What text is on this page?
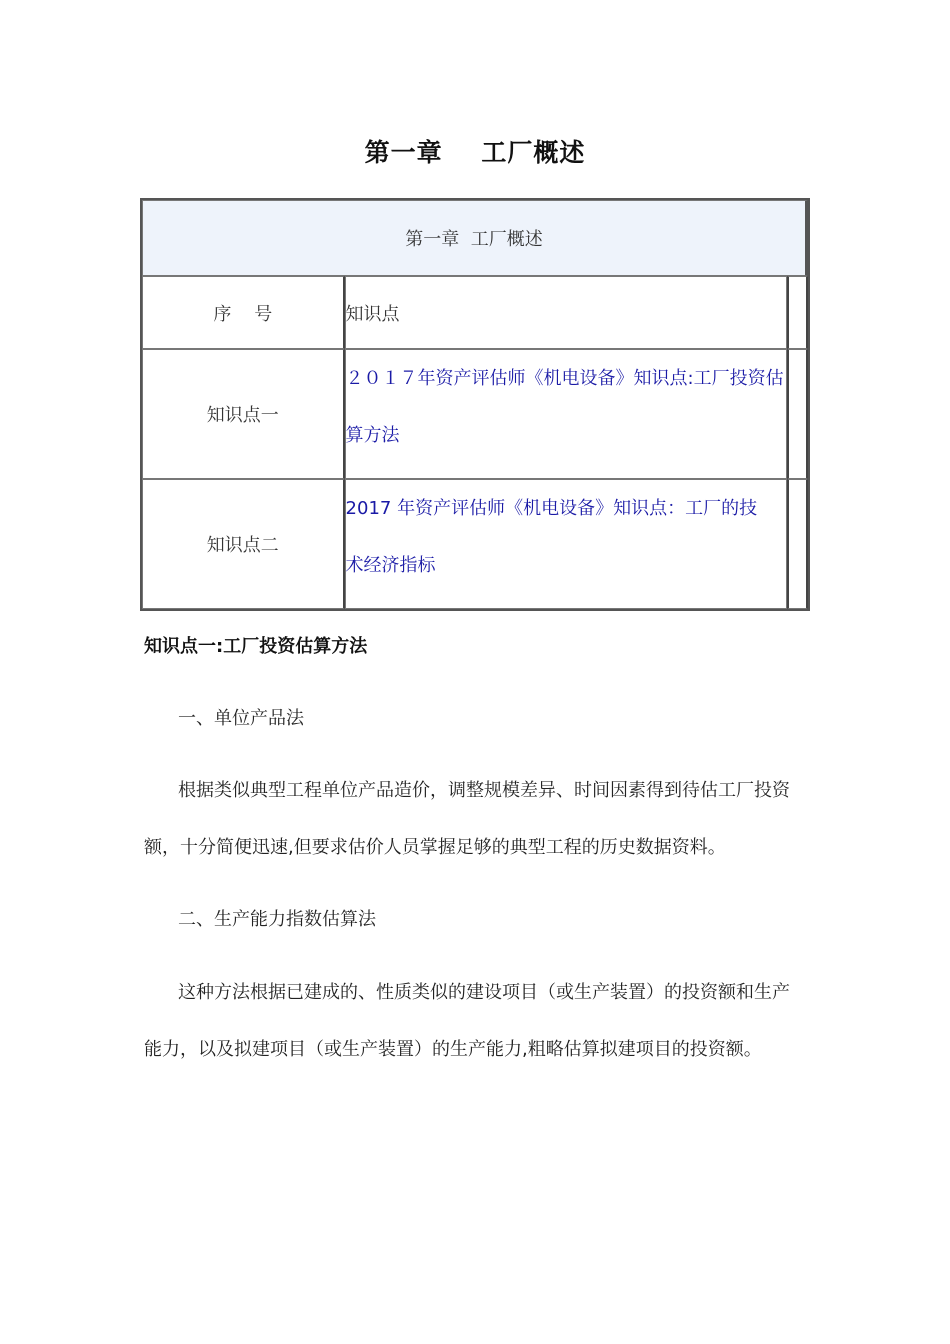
第一章    工厂概述
第一章  工厂概述		
序    号	知识点	

知识点一	２０１７年资产评估师《机电设备》知识点:工厂投资估算方法	

知识点二	2017 年资产评估师《机电设备》知识点：工厂的技术经济指标	

知识点一:工厂投资估算方法
一、单位产品法
根据类似典型工程单位产品造价，调整规模差异、时间因素得到待估工厂投资额，十分简便迅速,但要求估价人员掌握足够的典型工程的历史数据资料。
二、生产能力指数估算法
这种方法根据已建成的、性质类似的建设项目（或生产装置）的投资额和生产能力，以及拟建项目（或生产装置）的生产能力,粗略估算拟建项目的投资额。
